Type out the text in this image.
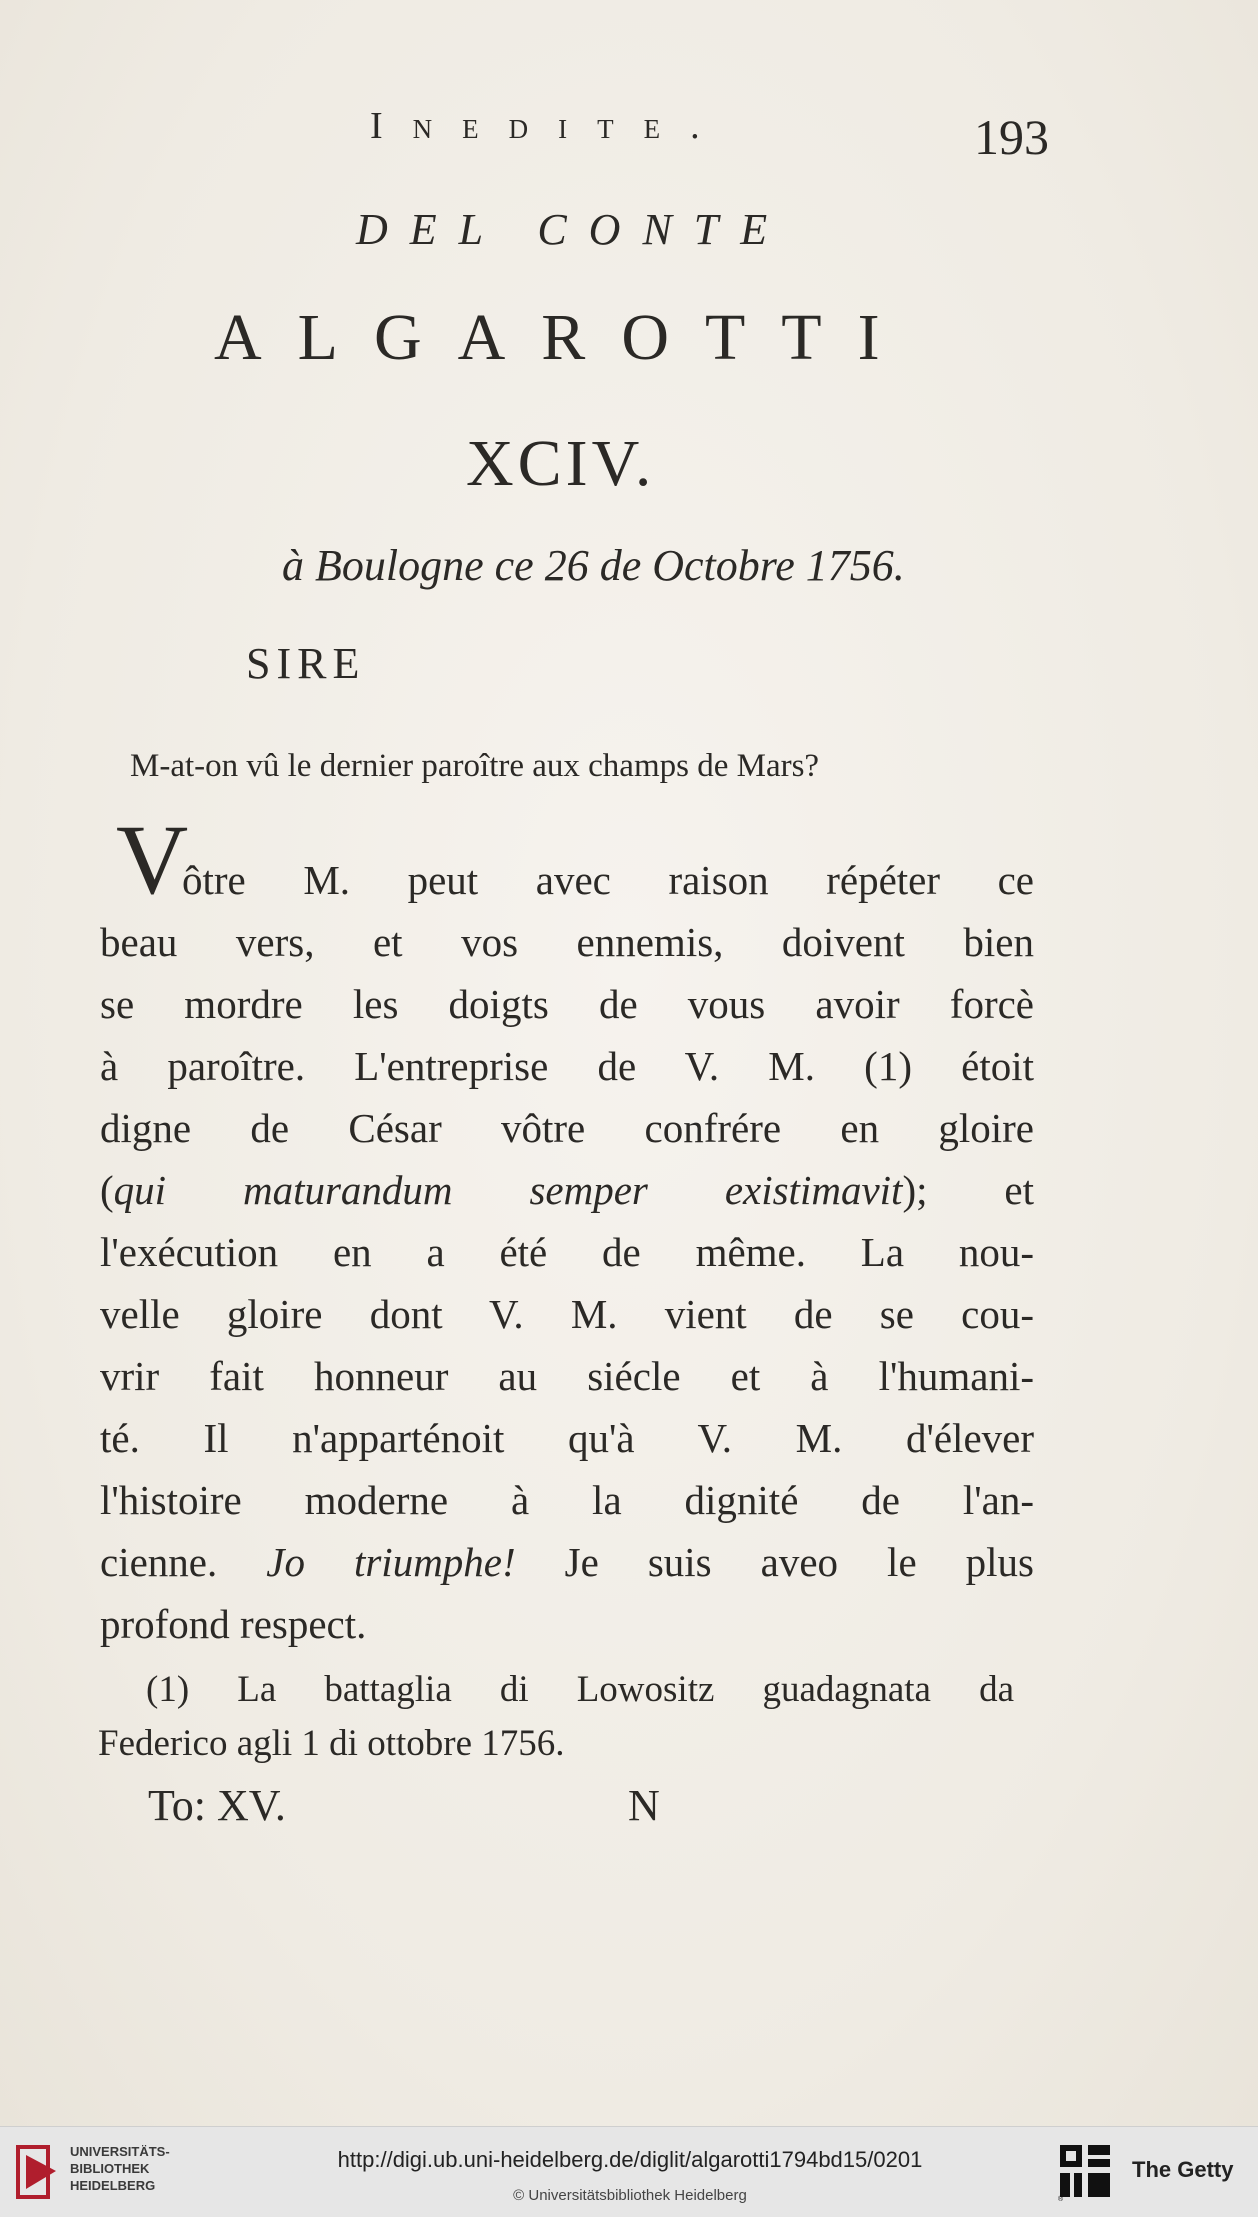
Inedite.	193

DEL CONTE

ALGAROTTI

XCIV.

à Boulogne ce 26 de Octobre 1756.

SIRE

M-at-on vû le dernier paroître aux champs de Mars?

V

ôtre M. peut avec raison répéter ce

beau vers, et vos ennemis, doivent bien

se mordre les doigts de vous avoir forcè

à paroître. L'entreprise de V. M. (1) étoit

digne de César vôtre confrére en gloire

(qui maturandum semper existimavit); et

l'exécution en a été de même. La nou-

velle gloire dont V. M. vient de se cou-

vrir fait honneur au siécle et à l'humani-

té. Il n'apparténoit qu'à V. M. d'élever

l'histoire moderne à la dignité de l'an-

cienne. Jo triumphe! Je suis aveo le plus

profond respect.

(1) La battaglia di Lowositz guadagnata da

Federico agli 1 di ottobre 1756.

To: XV.	N

UNIVERSITÄTS-
BIBLIOTHEK
HEIDELBERG
http://digi.ub.uni-heidelberg.de/diglit/algarotti1794bd15/0201
© Universitätsbibliothek Heidelberg	®
The Getty
